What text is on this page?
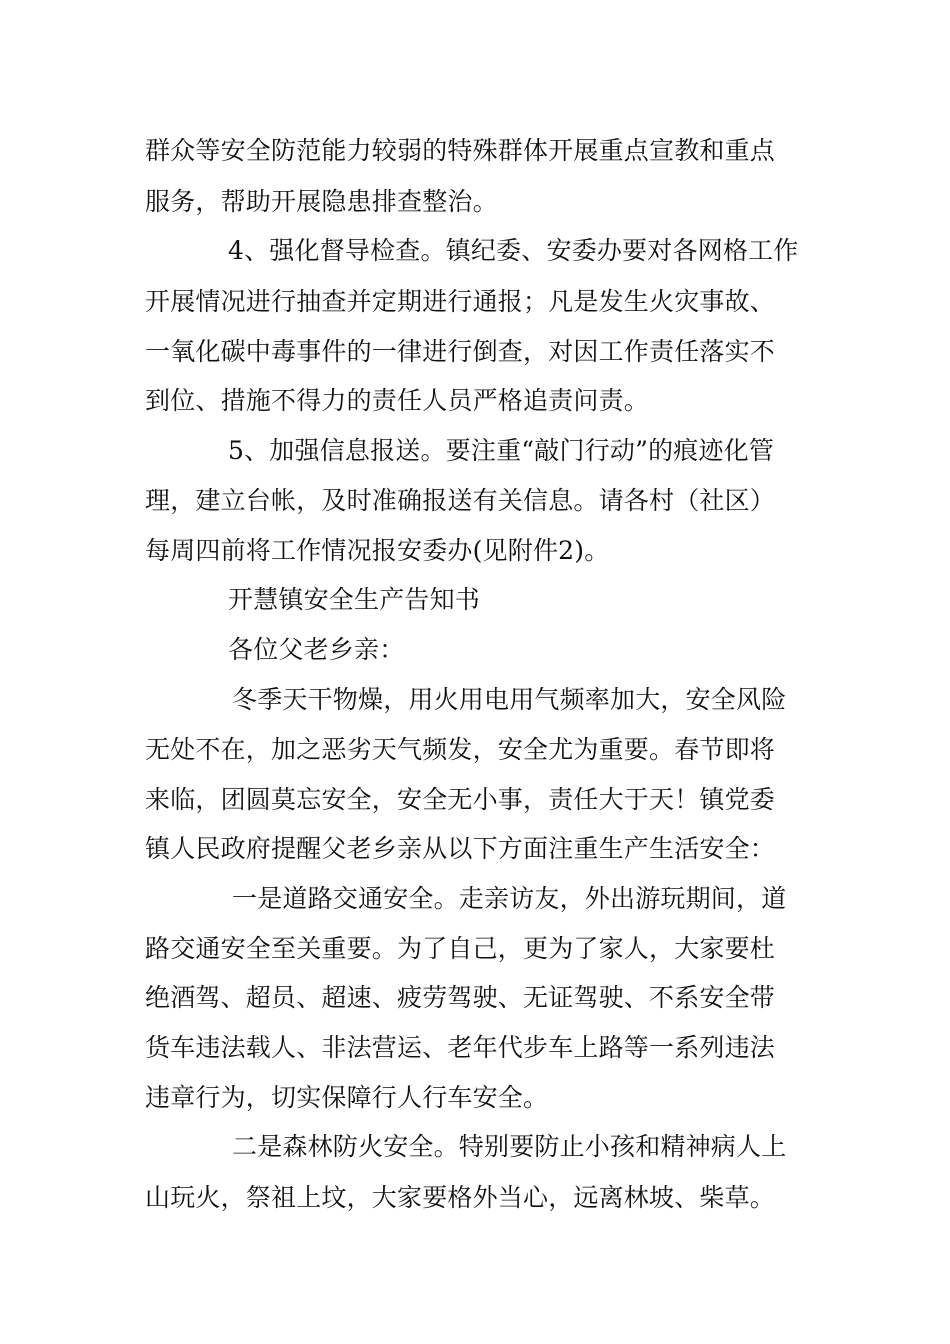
群众等安全防范能力较弱的特殊群体开展重点宣教和重点
服务，帮助开展隐患排查整治。
4、强化督导检查。镇纪委、安委办要对各网格工作
开展情况进行抽查并定期进行通报；凡是发生火灾事故、
一氧化碳中毒事件的一律进行倒查，对因工作责任落实不
到位、措施不得力的责任人员严格追责问责。
5、加强信息报送。要注重“敲门行动”的痕迹化管
理，建立台帐，及时准确报送有关信息。请各村（社区）
每周四前将工作情况报安委办(见附件2)。
开慧镇安全生产告知书
各位父老乡亲：
冬季天干物燥，用火用电用气频率加大，安全风险
无处不在，加之恶劣天气频发，安全尤为重要。春节即将
来临，团圆莫忘安全，安全无小事，责任大于天！镇党委
镇人民政府提醒父老乡亲从以下方面注重生产生活安全：
一是道路交通安全。走亲访友，外出游玩期间，道
路交通安全至关重要。为了自己，更为了家人，大家要杜
绝酒驾、超员、超速、疲劳驾驶、无证驾驶、不系安全带
货车违法载人、非法营运、老年代步车上路等一系列违法
违章行为，切实保障行人行车安全。
二是森林防火安全。特别要防止小孩和精神病人上
山玩火，祭祖上坟，大家要格外当心，远离林坡、柴草。
